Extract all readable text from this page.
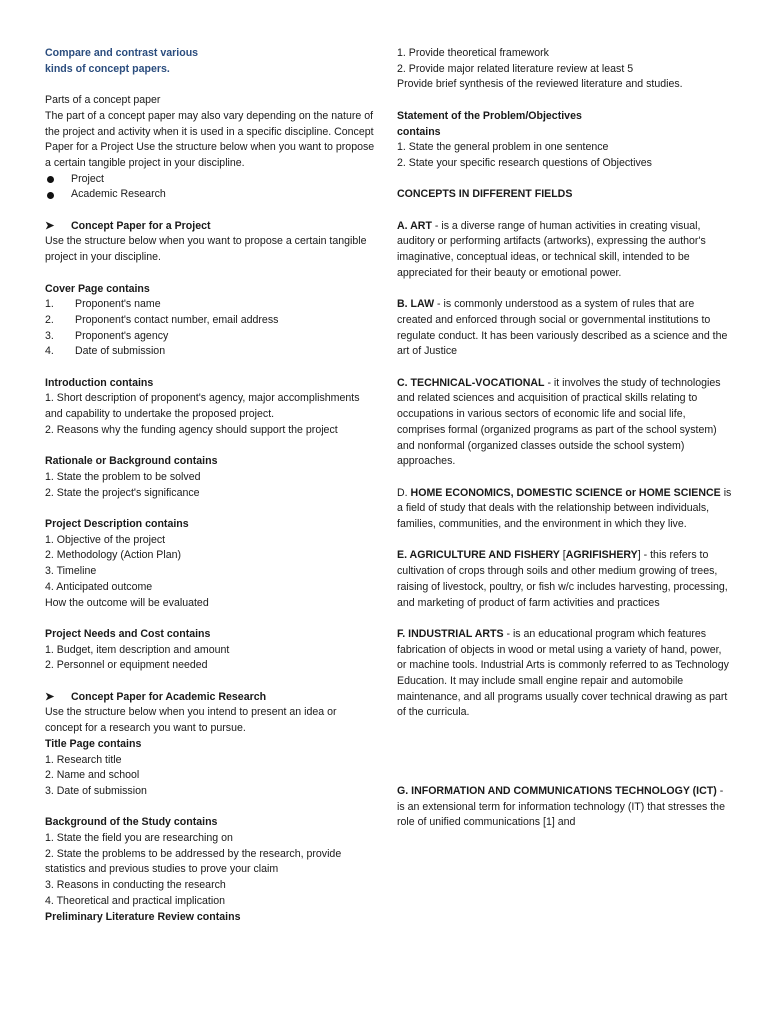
Compare and contrast various
kinds of concept papers.

Parts of a concept paper

The part of a concept paper may also vary depending on the nature of the project and activity when it is used in a specific discipline. Concept Paper for a Project Use the structure below when you want to propose a certain tangible project in your discipline.

Project
Academic Research

➤ Concept Paper for a Project

Use the structure below when you want to propose a certain tangible project in your discipline.

Cover Page contains

1.	Proponent's name
2.	Proponent's contact number, email address
3.	Proponent's agency
4.	Date of submission

Introduction contains

1. Short description of proponent's agency, major accomplishments and capability to undertake the proposed project.

2. Reasons why the funding agency should support the project

Rationale or Background contains

1. State the problem to be solved

2. State the project's significance

Project Description contains

1. Objective of the project

2. Methodology (Action Plan)

3. Timeline

4. Anticipated outcome

How the outcome will be evaluated

Project Needs and Cost contains

1. Budget, item description and amount

2. Personnel or equipment needed

➤ Concept Paper for Academic Research

Use the structure below when you intend to present an idea or concept for a research you want to pursue.

Title Page contains

1. Research title

2. Name and school

3. Date of submission

Background of the Study contains

1. State the field you are researching on

2. State the problems to be addressed by the research, provide statistics and previous studies to prove your claim

3. Reasons in conducting the research

4. Theoretical and practical implication

Preliminary Literature Review contains

1. Provide theoretical framework

2. Provide major related literature review at least 5

Provide brief synthesis of the reviewed literature and studies.

Statement of the Problem/Objectives
contains

1. State the general problem in one sentence

2. State your specific research questions of Objectives

CONCEPTS IN DIFFERENT FIELDS

A. ART - is a diverse range of human activities in creating visual, auditory or performing artifacts (artworks), expressing the author's imaginative, conceptual ideas, or technical skill, intended to be appreciated for their beauty or emotional power.

B. LAW - is commonly understood as a system of rules that are created and enforced through social or governmental institutions to regulate conduct. It has been variously described as a science and the art of Justice

C. TECHNICAL-VOCATIONAL - it involves the study of technologies and related sciences and acquisition of practical skills relating to occupations in various sectors of economic life and social life, comprises formal (organized programs as part of the school system) and nonformal (organized classes outside the school system) approaches.

D. HOME ECONOMICS, DOMESTIC SCIENCE or HOME SCIENCE is a field of study that deals with the relationship between individuals, families, communities, and the environment in which they live.

E. AGRICULTURE AND FISHERY [AGRIFISHERY] - this refers to cultivation of crops through soils and other medium growing of trees, raising of livestock, poultry, or fish w/c includes harvesting, processing, and marketing of product of farm activities and practices

F. INDUSTRIAL ARTS - is an educational program which features fabrication of objects in wood or metal using a variety of hand, power, or machine tools. Industrial Arts is commonly referred to as Technology Education. It may include small engine repair and automobile maintenance, and all programs usually cover technical drawing as part of the curricula.

G. INFORMATION AND COMMUNICATIONS TECHNOLOGY (ICT) - is an extensional term for information technology (IT) that stresses the role of unified communications [1] and
